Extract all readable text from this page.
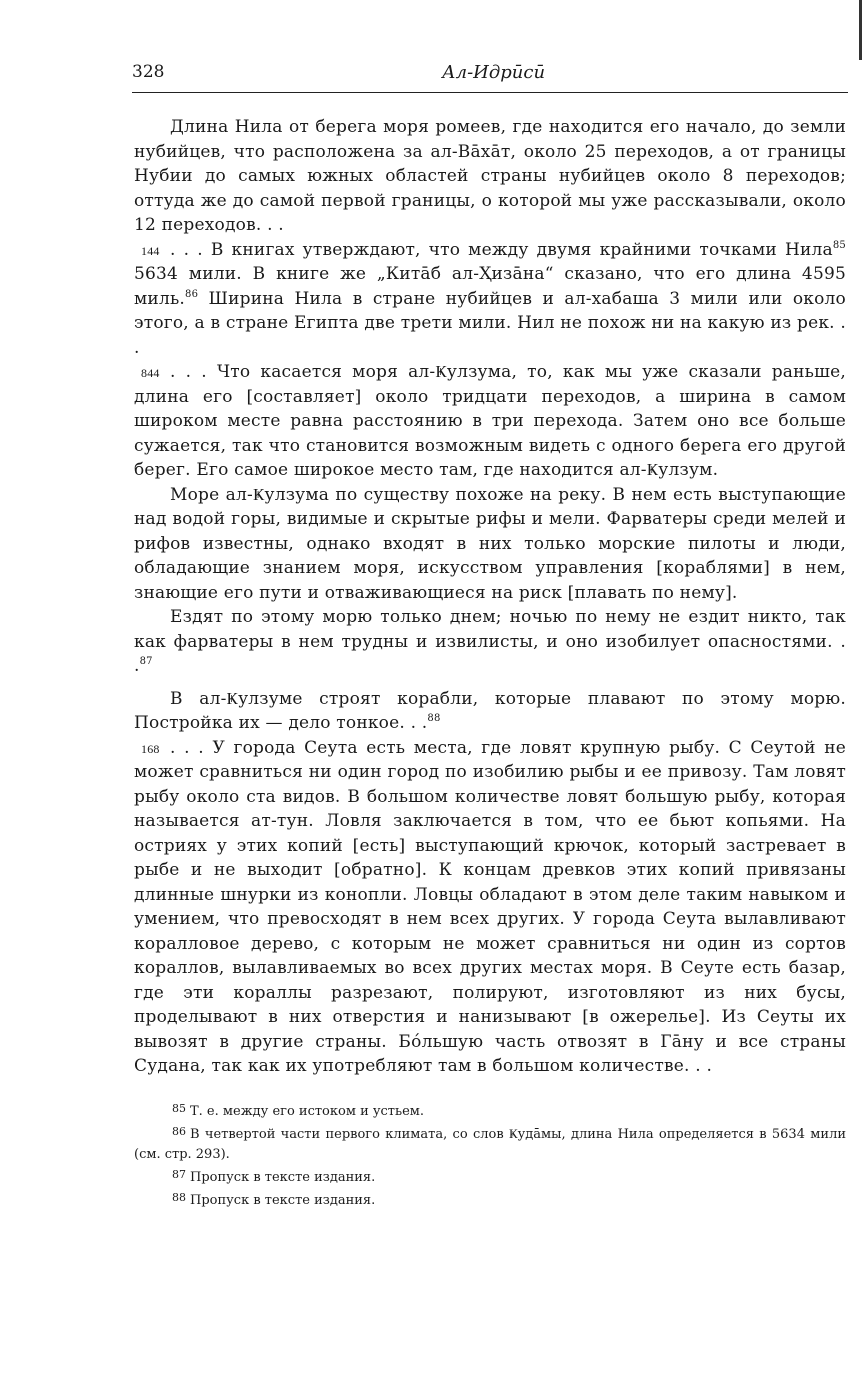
328	Ал-Идрӣсӣ

Длина Нила от берега моря ромеев, где находится его начало, до земли нубийцев, что расположена за ал-Вāхāт, около 25 переходов, а от границы Нубии до самых южных областей страны нубийцев около 8 переходов; оттуда же до самой первой границы, о которой мы уже рассказывали, около 12 переходов. . .

144 . . . В книгах утверждают, что между двумя крайними точками Нила$^{85}$ 5634 мили. В книге же „Китāб ал-Ҳизāна“ сказано, что его длина 4595 миль.$^{86}$ Ширина Нила в стране нубийцев и ал-хабаша 3 мили или около этого, а в стране Египта две трети мили. Нил не похож ни на какую из рек. . .

844 . . . Что касается моря ал-Ҝулзума, то, как мы уже сказали раньше, длина его [составляет] около тридцати переходов, а ширина в самом широком месте равна расстоянию в три перехода. Затем оно все больше сужается, так что становится возможным видеть с одного берега его другой берег. Его самое широкое место там, где находится ал-Ҝулзум.

Море ал-Ҝулзума по существу похоже на реку. В нем есть выступающие над водой горы, видимые и скрытые рифы и мели. Фарватеры среди мелей и рифов известны, однако входят в них только морские пилоты и люди, обладающие знанием моря, искусством управления [кораблями] в нем, знающие его пути и отваживающиеся на риск [плавать по нему].

Ездят по этому морю только днем; ночью по нему не ездит никто, так как фарватеры в нем трудны и извилисты, и оно изобилует опасностями. . .$^{87}$

В ал-Ҝулзуме строят корабли, которые плавают по этому морю. Постройка их — дело тонкое. . .$^{88}$

168 . . . У города Сеута есть места, где ловят крупную рыбу. С Сеутой не может сравниться ни один город по изобилию рыбы и ее привозу. Там ловят рыбу около ста видов. В большом количестве ловят большую рыбу, которая называется ат-тун. Ловля заключается в том, что ее бьют копьями. На остриях у этих копий [есть] выступающий крючок, который застревает в рыбе и не выходит [обратно]. К концам древков этих копий привязаны длинные шнурки из конопли. Ловцы обладают в этом деле таким навыком и умением, что превосходят в нем всех других. У города Сеута вылавливают коралловое дерево, с которым не может сравниться ни один из сортов кораллов, вылавливаемых во всех других местах моря. В Сеуте есть базар, где эти кораллы разрезают, полируют, изготовляют из них бусы, проделывают в них отверстия и нанизывают [в ожерелье]. Из Сеуты их вывозят в другие страны. Бóльшую часть отвозят в Гāну и все страны Судана, так как их употребляют там в большом количестве. . .

$^{85}$ Т. е. между его истоком и устьем.

$^{86}$ В четвертой части первого климата, со слов Ҝудāмы, длина Нила определяется в 5634 мили (см. стр. 293).

$^{87}$ Пропуск в тексте издания.

$^{88}$ Пропуск в тексте издания.
